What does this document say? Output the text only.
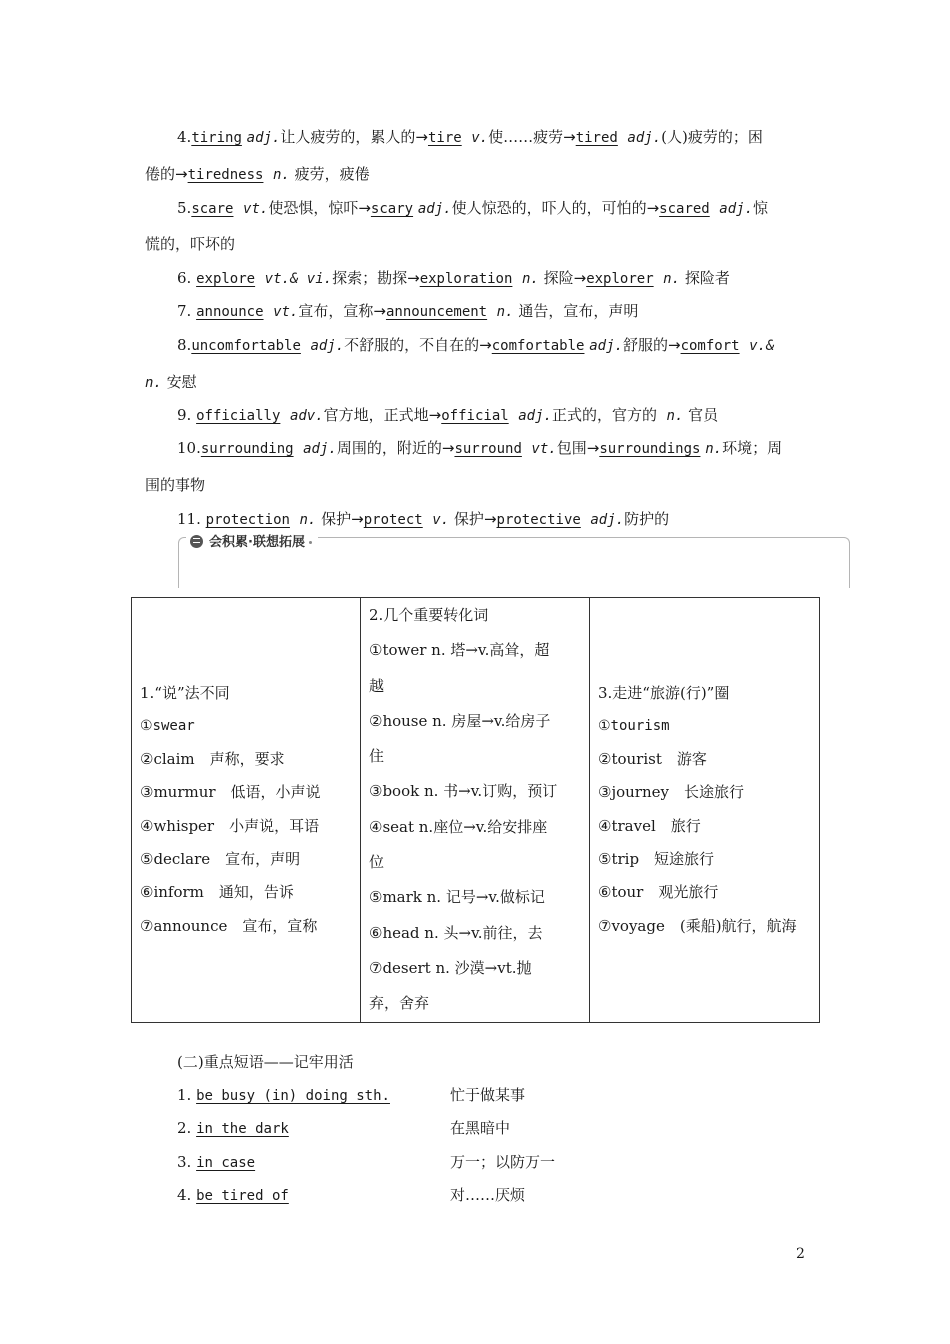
4.tiring adj.让人疲劳的，累人的→tire v.使……疲劳→tired adj.(人)疲劳的；困
倦的→tiredness n. 疲劳，疲倦
5.scare vt.使恐惧，惊吓→scary adj.使人惊恐的，吓人的，可怕的→scared adj.惊
慌的，吓坏的
6. explore vt.& vi.探索；勘探→exploration n. 探险→explorer n. 探险者
7. announce vt.宣布，宣称→announcement n. 通告，宣布，声明
8.uncomfortable adj.不舒服的，不自在的→comfortable adj.舒服的→comfort v.&
n. 安慰
9. officially adv.官方地，正式地→official adj.正式的，官方的 n. 官员
10.surrounding adj.周围的，附近的→surround vt.包围→surroundings n.环境；周
围的事物
11. protection n. 保护→protect v. 保护→protective adj.防护的
会积累·联想拓展
1.“说”法不同
①swear
②claim　声称，要求
③murmur　低语，小声说
④whisper　小声说，耳语
⑤declare　宣布，声明
⑥inform　通知，告诉
⑦announce　宣布，宣称

2.几个重要转化词
①tower n. 塔→v.高耸，超
越
②house n. 房屋→v.给房子
住
③book n. 书→v.订购，预订
④seat n.座位→v.给安排座
位
⑤mark n. 记号→v.做标记
⑥head n. 头→v.前往，去
⑦desert n. 沙漠→vt.抛
弃，舍弃

3.走进“旅游(行)”圈
①tourism
②tourist　游客
③journey　长途旅行
④travel　旅行
⑤trip　短途旅行
⑥tour　观光旅行
⑦voyage　(乘船)航行，航海
(二)重点短语——记牢用活
1. be busy (in) doing sth.	忙于做某事
2. in the dark	在黑暗中
3. in case	万一；以防万一
4. be tired of	对……厌烦
2
